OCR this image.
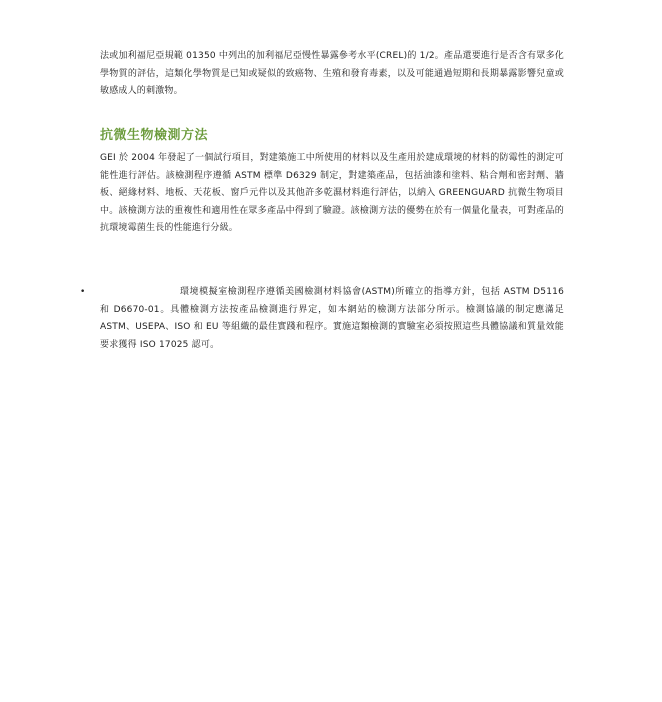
法或加利福尼亞規範 01350 中列出的加利福尼亞慢性暴露參考水平(CREL)的 1/2。產品還要進行是否含有眾多化學物質的評估，這類化學物質是已知或疑似的致癌物、生殖和發育毒素，以及可能通過短期和長期暴露影響兒童或敏感成人的刺激物。

抗微生物檢測方法

GEI 於 2004 年發起了一個試行項目，對建築施工中所使用的材料以及生產用於建成環境的材料的防霉性的測定可能性進行評估。該檢測程序遵循 ASTM 標準 D6329 制定，對建築產品，包括油漆和塗料、粘合劑和密封劑、牆板、絕緣材料、地板、天花板、窗戶元件以及其他許多乾濕材料進行評估，以納入 GREENGUARD 抗微生物項目中。該檢測方法的重複性和適用性在眾多產品中得到了驗證。該檢測方法的優勢在於有一個量化量表，可對產品的抗環境霉菌生長的性能進行分級。

•	環境模擬室檢測程序遵循美國檢測材料協會(ASTM)所確立的指導方針，包括 ASTM D5116 和 D6670-01。具體檢測方法按產品檢測進行界定，如本網站的檢測方法部分所示。檢測協議的制定應滿足 ASTM、USEPA、ISO 和 EU 等組織的最佳實踐和程序。實施這類檢測的實驗室必須按照這些具體協議和質量效能要求獲得 ISO 17025 認可。
